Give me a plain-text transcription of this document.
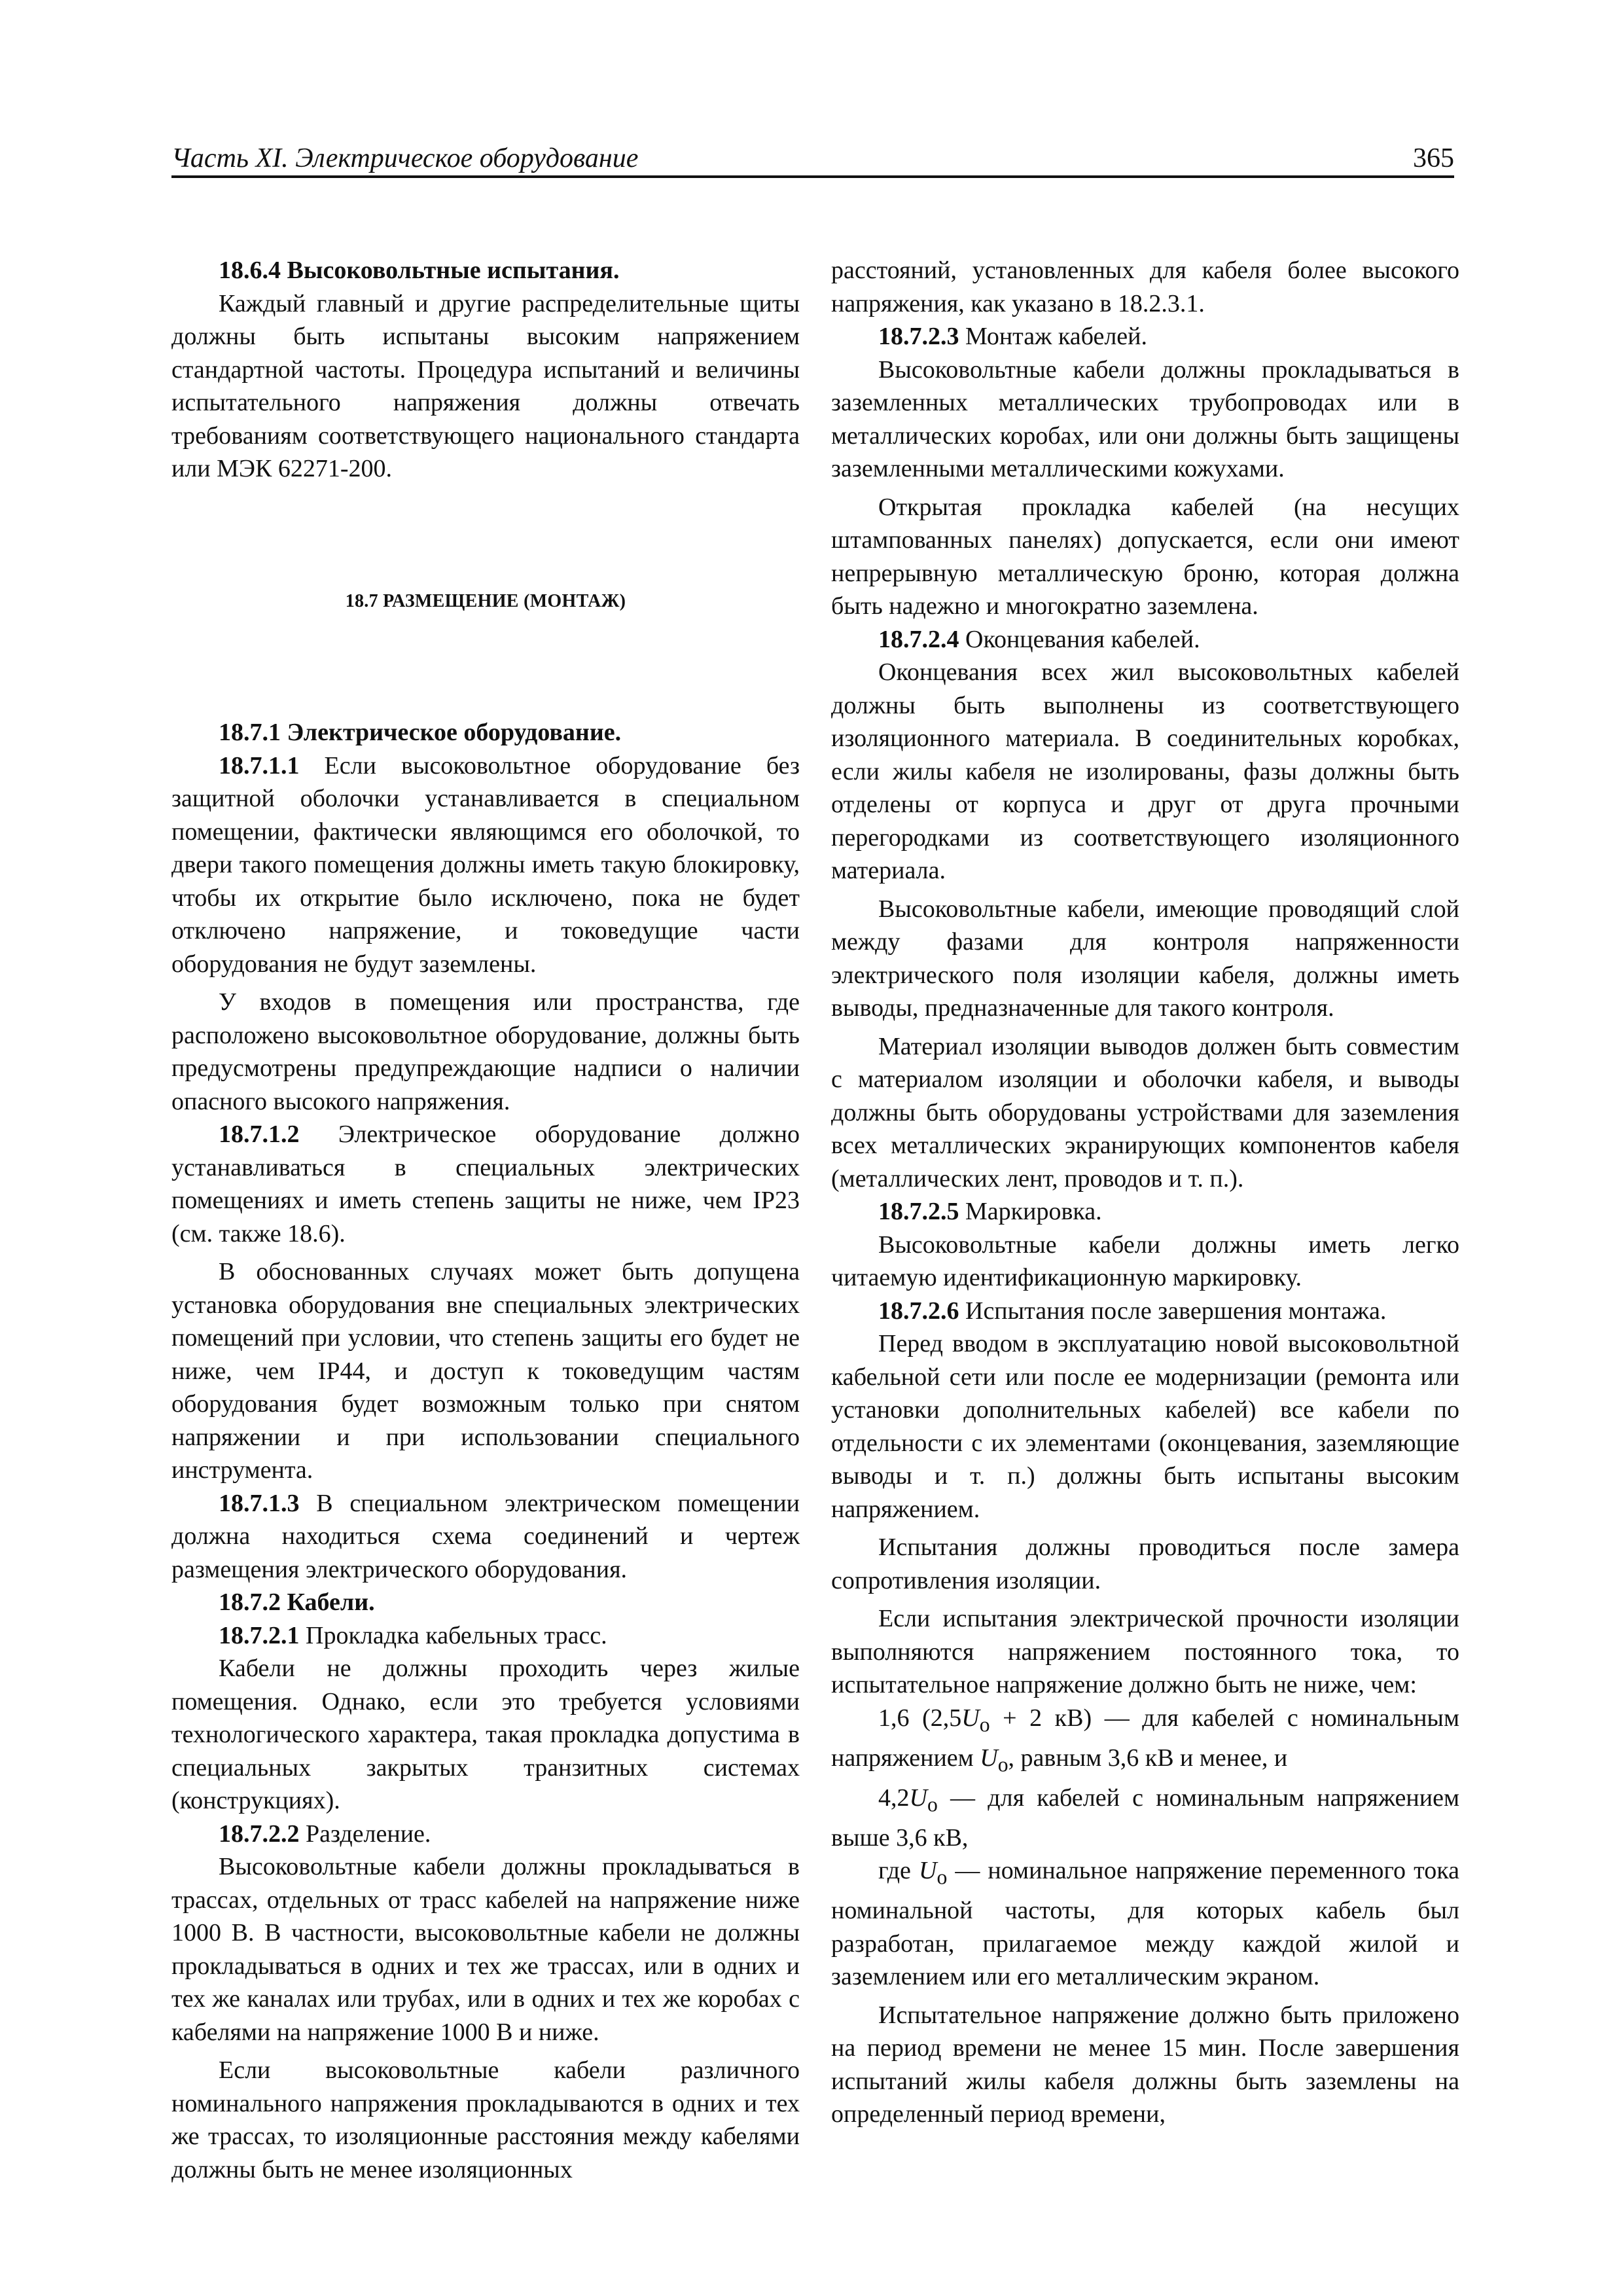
Часть XI. Электрическое оборудование	365
18.6.4 Высоковольтные испытания.

Каждый главный и другие распределительные щиты должны быть испытаны высоким напряжением стандартной частоты. Процедура испытаний и величины испытательного напряжения должны отвечать требованиям соответствующего национального стандарта или МЭК 62271-200.

18.7 РАЗМЕЩЕНИЕ (МОНТАЖ)
18.7.1 Электрическое оборудование.

18.7.1.1 Если высоковольтное оборудование без защитной оболочки устанавливается в специальном помещении, фактически являющимся его оболочкой, то двери такого помещения должны иметь такую блокировку, чтобы их открытие было исключено, пока не будет отключено напряжение, и токоведущие части оборудования не будут заземлены.

У входов в помещения или пространства, где расположено высоковольтное оборудование, должны быть предусмотрены предупреждающие надписи о наличии опасного высокого напряжения.

18.7.1.2 Электрическое оборудование должно устанавливаться в специальных электрических помещениях и иметь степень защиты не ниже, чем IP23 (см. также 18.6).

В обоснованных случаях может быть допущена установка оборудования вне специальных электрических помещений при условии, что степень защиты его будет не ниже, чем IP44, и доступ к токоведущим частям оборудования будет возможным только при снятом напряжении и при использовании специального инструмента.

18.7.1.3 В специальном электрическом помещении должна находиться схема соединений и чертеж размещения электрического оборудования.

18.7.2 Кабели.

18.7.2.1 Прокладка кабельных трасс.

Кабели не должны проходить через жилые помещения. Однако, если это требуется условиями технологического характера, такая прокладка допустима в специальных закрытых транзитных системах (конструкциях).

18.7.2.2 Разделение.

Высоковольтные кабели должны прокладываться в трассах, отдельных от трасс кабелей на напряжение ниже 1000 В. В частности, высоковольтные кабели не должны прокладываться в одних и тех же трассах, или в одних и тех же каналах или трубах, или в одних и тех же коробах с кабелями на напряжение 1000 В и ниже.

Если высоковольтные кабели различного номинального напряжения прокладываются в одних и тех же трассах, то изоляционные расстояния между кабелями должны быть не менее изоляционных

расстояний, установленных для кабеля более высокого напряжения, как указано в 18.2.3.1.

18.7.2.3 Монтаж кабелей.

Высоковольтные кабели должны прокладываться в заземленных металлических трубопроводах или в металлических коробах, или они должны быть защищены заземленными металлическими кожухами.

Открытая прокладка кабелей (на несущих штампованных панелях) допускается, если они имеют непрерывную металлическую броню, которая должна быть надежно и многократно заземлена.

18.7.2.4 Оконцевания кабелей.

Оконцевания всех жил высоковольтных кабелей должны быть выполнены из соответствующего изоляционного материала. В соединительных коробках, если жилы кабеля не изолированы, фазы должны быть отделены от корпуса и друг от друга прочными перегородками из соответствующего изоляционного материала.

Высоковольтные кабели, имеющие проводящий слой между фазами для контроля напряженности электрического поля изоляции кабеля, должны иметь выводы, предназначенные для такого контроля.

Материал изоляции выводов должен быть совместим с материалом изоляции и оболочки кабеля, и выводы должны быть оборудованы устройствами для заземления всех металлических экранирующих компонентов кабеля (металлических лент, проводов и т. п.).

18.7.2.5 Маркировка.

Высоковольтные кабели должны иметь легко читаемую идентификационную маркировку.

18.7.2.6 Испытания после завершения монтажа.

Перед вводом в эксплуатацию новой высоковольтной кабельной сети или после ее модернизации (ремонта или установки дополнительных кабелей) все кабели по отдельности с их элементами (оконцевания, заземляющие выводы и т. п.) должны быть испытаны высоким напряжением.

Испытания должны проводиться после замера сопротивления изоляции.

Если испытания электрической прочности изоляции выполняются напряжением постоянного тока, то испытательное напряжение должно быть не ниже, чем:

1,6 ($2,5U_o + 2$ кВ) — для кабелей с номинальным напряжением $U_o$, равным 3,6 кВ и менее, и

$4,2U_o$ — для кабелей с номинальным напряжением выше 3,6 кВ,

где $U_o$ — номинальное напряжение переменного тока номинальной частоты, для которых кабель был разработан, прилагаемое между каждой жилой и заземлением или его металлическим экраном.

Испытательное напряжение должно быть приложено на период времени не менее 15 мин. После завершения испытаний жилы кабеля должны быть заземлены на определенный период времени,
